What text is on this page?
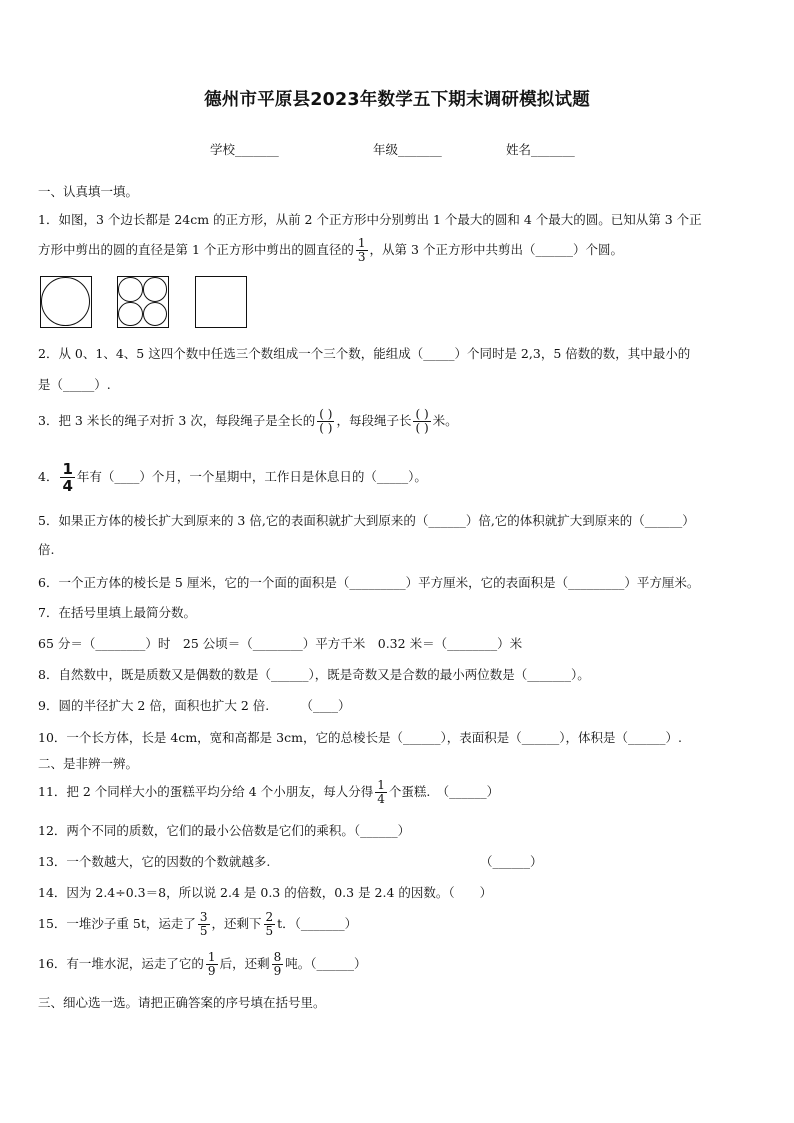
德州市平原县2023年数学五下期末调研模拟试题
学校_______	年级_______	姓名_______
一、认真填一填。
1．如图，3 个边长都是 24cm 的正方形，从前 2 个正方形中分别剪出 1 个最大的圆和 4 个最大的圆。已知从第 3 个正
方形中剪出的圆的直径是第 1 个正方形中剪出的圆直径的 $\frac{1}{3}$ ，从第 3 个正方形中共剪出（______）个圆。
2．从 0、1、4、5 这四个数中任选三个数组成一个三个数，能组成（_____）个同时是 2,3，5 倍数的数，其中最小的
是（_____）.
3．把 3 米长的绳子对折 3 次，每段绳子是全长的 $\frac{( )}{( )}$ ，每段绳子长 $\frac{( )}{( )}$ 米。
4． $\frac{1}{4}$ 年有（____）个月，一个星期中，工作日是休息日的（_____）。
5．如果正方体的棱长扩大到原来的 3 倍,它的表面积就扩大到原来的（______）倍,它的体积就扩大到原来的（______）
倍.
6．一个正方体的棱长是 5 厘米，它的一个面的面积是（_________）平方厘米，它的表面积是（_________）平方厘米。
7．在括号里填上最简分数。
65 分＝（________）时　25 公顷＝（________）平方千米　0.32 米＝（________）米
8．自然数中，既是质数又是偶数的数是（______），既是奇数又是合数的最小两位数是（_______）。
9．圆的半径扩大 2 倍，面积也扩大 2 倍.　　　（____）
10．一个长方体，长是 4cm，宽和高都是 3cm，它的总棱长是（______），表面积是（______），体积是（______）.
二、是非辨一辨。
11．把 2 个同样大小的蛋糕平均分给 4 个小朋友，每人分得 $\frac{1}{4}$ 个蛋糕.　（______）
12．两个不同的质数，它们的最小公倍数是它们的乘积。（______）
13．一个数越大，它的因数的个数就越多.	（______）
14．因为 2.4÷0.3＝8，所以说 2.4 是 0.3 的倍数，0.3 是 2.4 的因数。（　　）
15．一堆沙子重 5t，运走了 $\frac{3}{5}$ ，还剩下 $\frac{2}{5}$ t．（_______）
16．有一堆水泥，运走了它的 $\frac{1}{9}$ 后，还剩 $\frac{8}{9}$ 吨。（______）
三、细心选一选。请把正确答案的序号填在括号里。
